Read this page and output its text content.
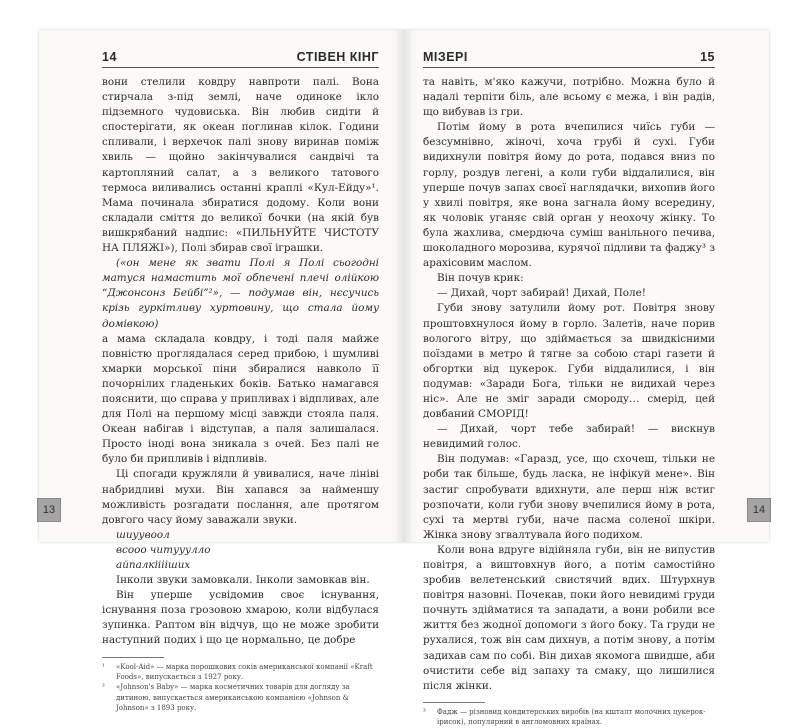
14	СТІВЕН КІНГ

вони стелили ковдру навпроти палі. Вона стирчала з-під землі, наче одиноке ікло підземного чудовиська. Він любив сидіти й спостерігати, як океан поглинав кілок. Години спливали, і верхечок палі знову виринав поміж хвиль — щойно закінчувалися сандвічі та картопляний салат, а з великого татового термоса виливались останні краплі «Кул-Ейду»¹. Мама починала збиратися додому. Коли вони складали сміття до великої бочки (на якій був вишкрябаний надпис: «ПИЛЬНУЙТЕ ЧИСТОТУ НА ПЛЯЖІ»), Полі збирав свої іграшки.

(«он мене як звати Полі я Полі сьогодні матуся намастить мої обпечені плечі олійкою “Джонсонз Бейбі”²», — подумав він, нєсучись крізь гуркітливу хуртовину, що стала йому домівкою)

а мама складала ковдру, і тоді паля майже повністю проглядалася серед прибою, і шумливі хмарки морської піни збиралися навколо її почорнілих гладеньких боків. Батько намагався пояснити, що справа у припливах і відпливах, але для Полі на першому місці завжди стояла паля. Океан набігав і відступав, а паля залишалася. Просто іноді вона зникала з очей. Без палі не було би припливів і відпливів.

Ці спогади кружляли й увивалися, наче лініві набридливі мухи. Він хапався за найменшу можливість розгадати послання, але протягом довгого часу йому заважали звуки.

шиуувоол

всооо читууулло

айпалкііііших

Інколи звуки замовкали. Інколи замовкав він.

Він уперше усвідомив своє існування, існування поза грозовою хмарою, коли відбулася зупинка. Раптом він відчув, що не може зробити наступний подих і що це нормально, це добре

¹	«Kool-Aid» — марка порошкових соків американської компанії «Kraft Foods», випускається з 1927 року.
²	«Johnson's Baby» — марка косметичних товарів для догляду за дитиною, випускається американською компанією «Johnson & Johnson» з 1893 року.
13
МІЗЕРІ	15

та навіть, м'яко кажучи, потрібно. Можна було й надалі терпіти біль, але всьому є межа, і він радів, що вибував із гри.

Потім йому в рота вчепилися чиїсь губи — безсумнівно, жіночі, хоча грубі й сухі. Губи видихнули повітря йому до рота, подався вниз по горлу, роздув легені, а коли губи віддалилися, він уперше почув запах своєї наглядачки, вихопив його у хвилі повітря, яке вона загнала йому всередину, як чоловік уганяє свій орган у неохочу жінку. То була жахлива, смердюча суміш ванільного печива, шоколадного морозива, курячої підливи та фаджу³ з арахісовим маслом.

Він почув крик:

— Дихай, чорт забирай! Дихай, Поле!

Губи знову затулили йому рот. Повітря знову проштовхнулося йому в горло. Залетів, наче порив вологого вітру, що здіймається за швидкісними поїздами в метро й тягне за собою старі газети й обгортки від цукерок. Губи віддалилися, і він подумав: «Заради Бога, тільки не видихай через ніс». Але не зміг заради смороду… смерід, цей довбаний СМОРІД!

— Дихай, чорт тебе забирай! — вискнув невидимий голос.

Він подумав: «Гаразд, усе, що схочеш, тільки не роби так більше, будь ласка, не інфікуй мене». Він застиг спробувати вдихнути, але перш ніж встиг розпочати, коли губи знову вчепилися йому в рота, сухі та мертві губи, наче пасма соленої шкіри. Жінка знову згвалтувала його подихом.

Коли вона вдруге відійняла губи, він не випустив повітря, а виштовхнув його, а потім самостійно зробив велетенський свистячий вдих. Штурхнув повітря назовні. Почекав, поки його невидимі груди почнуть здійматися та западати, а вони робили все життя без жодної допомоги з його боку. Та груди не рухалися, тож він сам дихнув, а потім знову, а потім задихав сам по собі. Він дихав якомога швидше, аби очистити себе від запаху та смаку, що лишилися після жінки.

³	Фадж — різновид кондитерських виробів (на кшталт молочних цукерок-ірисок), популярний в англомовних країнах.
14
